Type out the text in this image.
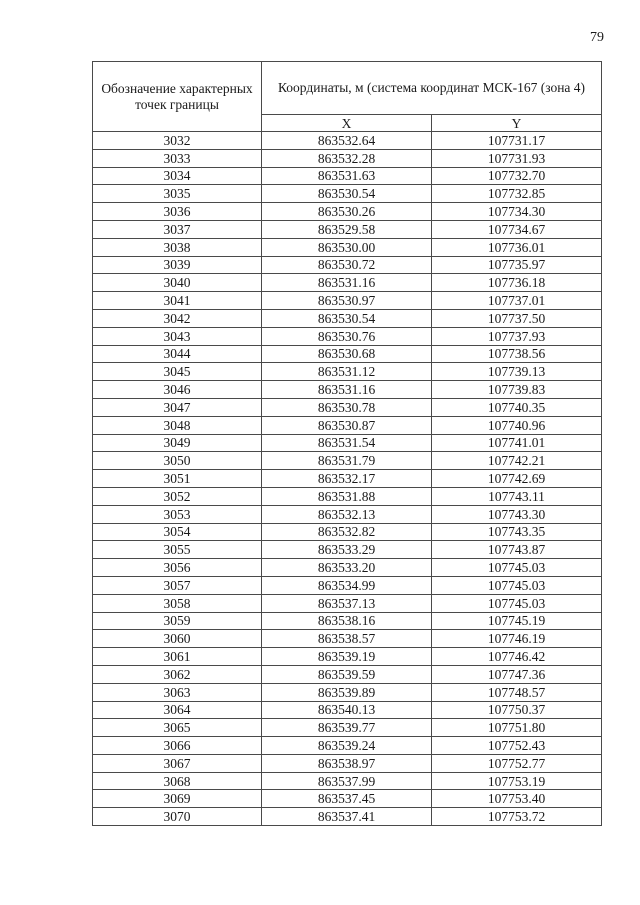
79
Обозначение характерных точек границы	Координаты, м (система координат МСК-167 (зона 4)	
	X	Y
3032	863532.64	107731.17
3033	863532.28	107731.93
3034	863531.63	107732.70
3035	863530.54	107732.85
3036	863530.26	107734.30
3037	863529.58	107734.67
3038	863530.00	107736.01
3039	863530.72	107735.97
3040	863531.16	107736.18
3041	863530.97	107737.01
3042	863530.54	107737.50
3043	863530.76	107737.93
3044	863530.68	107738.56
3045	863531.12	107739.13
3046	863531.16	107739.83
3047	863530.78	107740.35
3048	863530.87	107740.96
3049	863531.54	107741.01
3050	863531.79	107742.21
3051	863532.17	107742.69
3052	863531.88	107743.11
3053	863532.13	107743.30
3054	863532.82	107743.35
3055	863533.29	107743.87
3056	863533.20	107745.03
3057	863534.99	107745.03
3058	863537.13	107745.03
3059	863538.16	107745.19
3060	863538.57	107746.19
3061	863539.19	107746.42
3062	863539.59	107747.36
3063	863539.89	107748.57
3064	863540.13	107750.37
3065	863539.77	107751.80
3066	863539.24	107752.43
3067	863538.97	107752.77
3068	863537.99	107753.19
3069	863537.45	107753.40
3070	863537.41	107753.72
